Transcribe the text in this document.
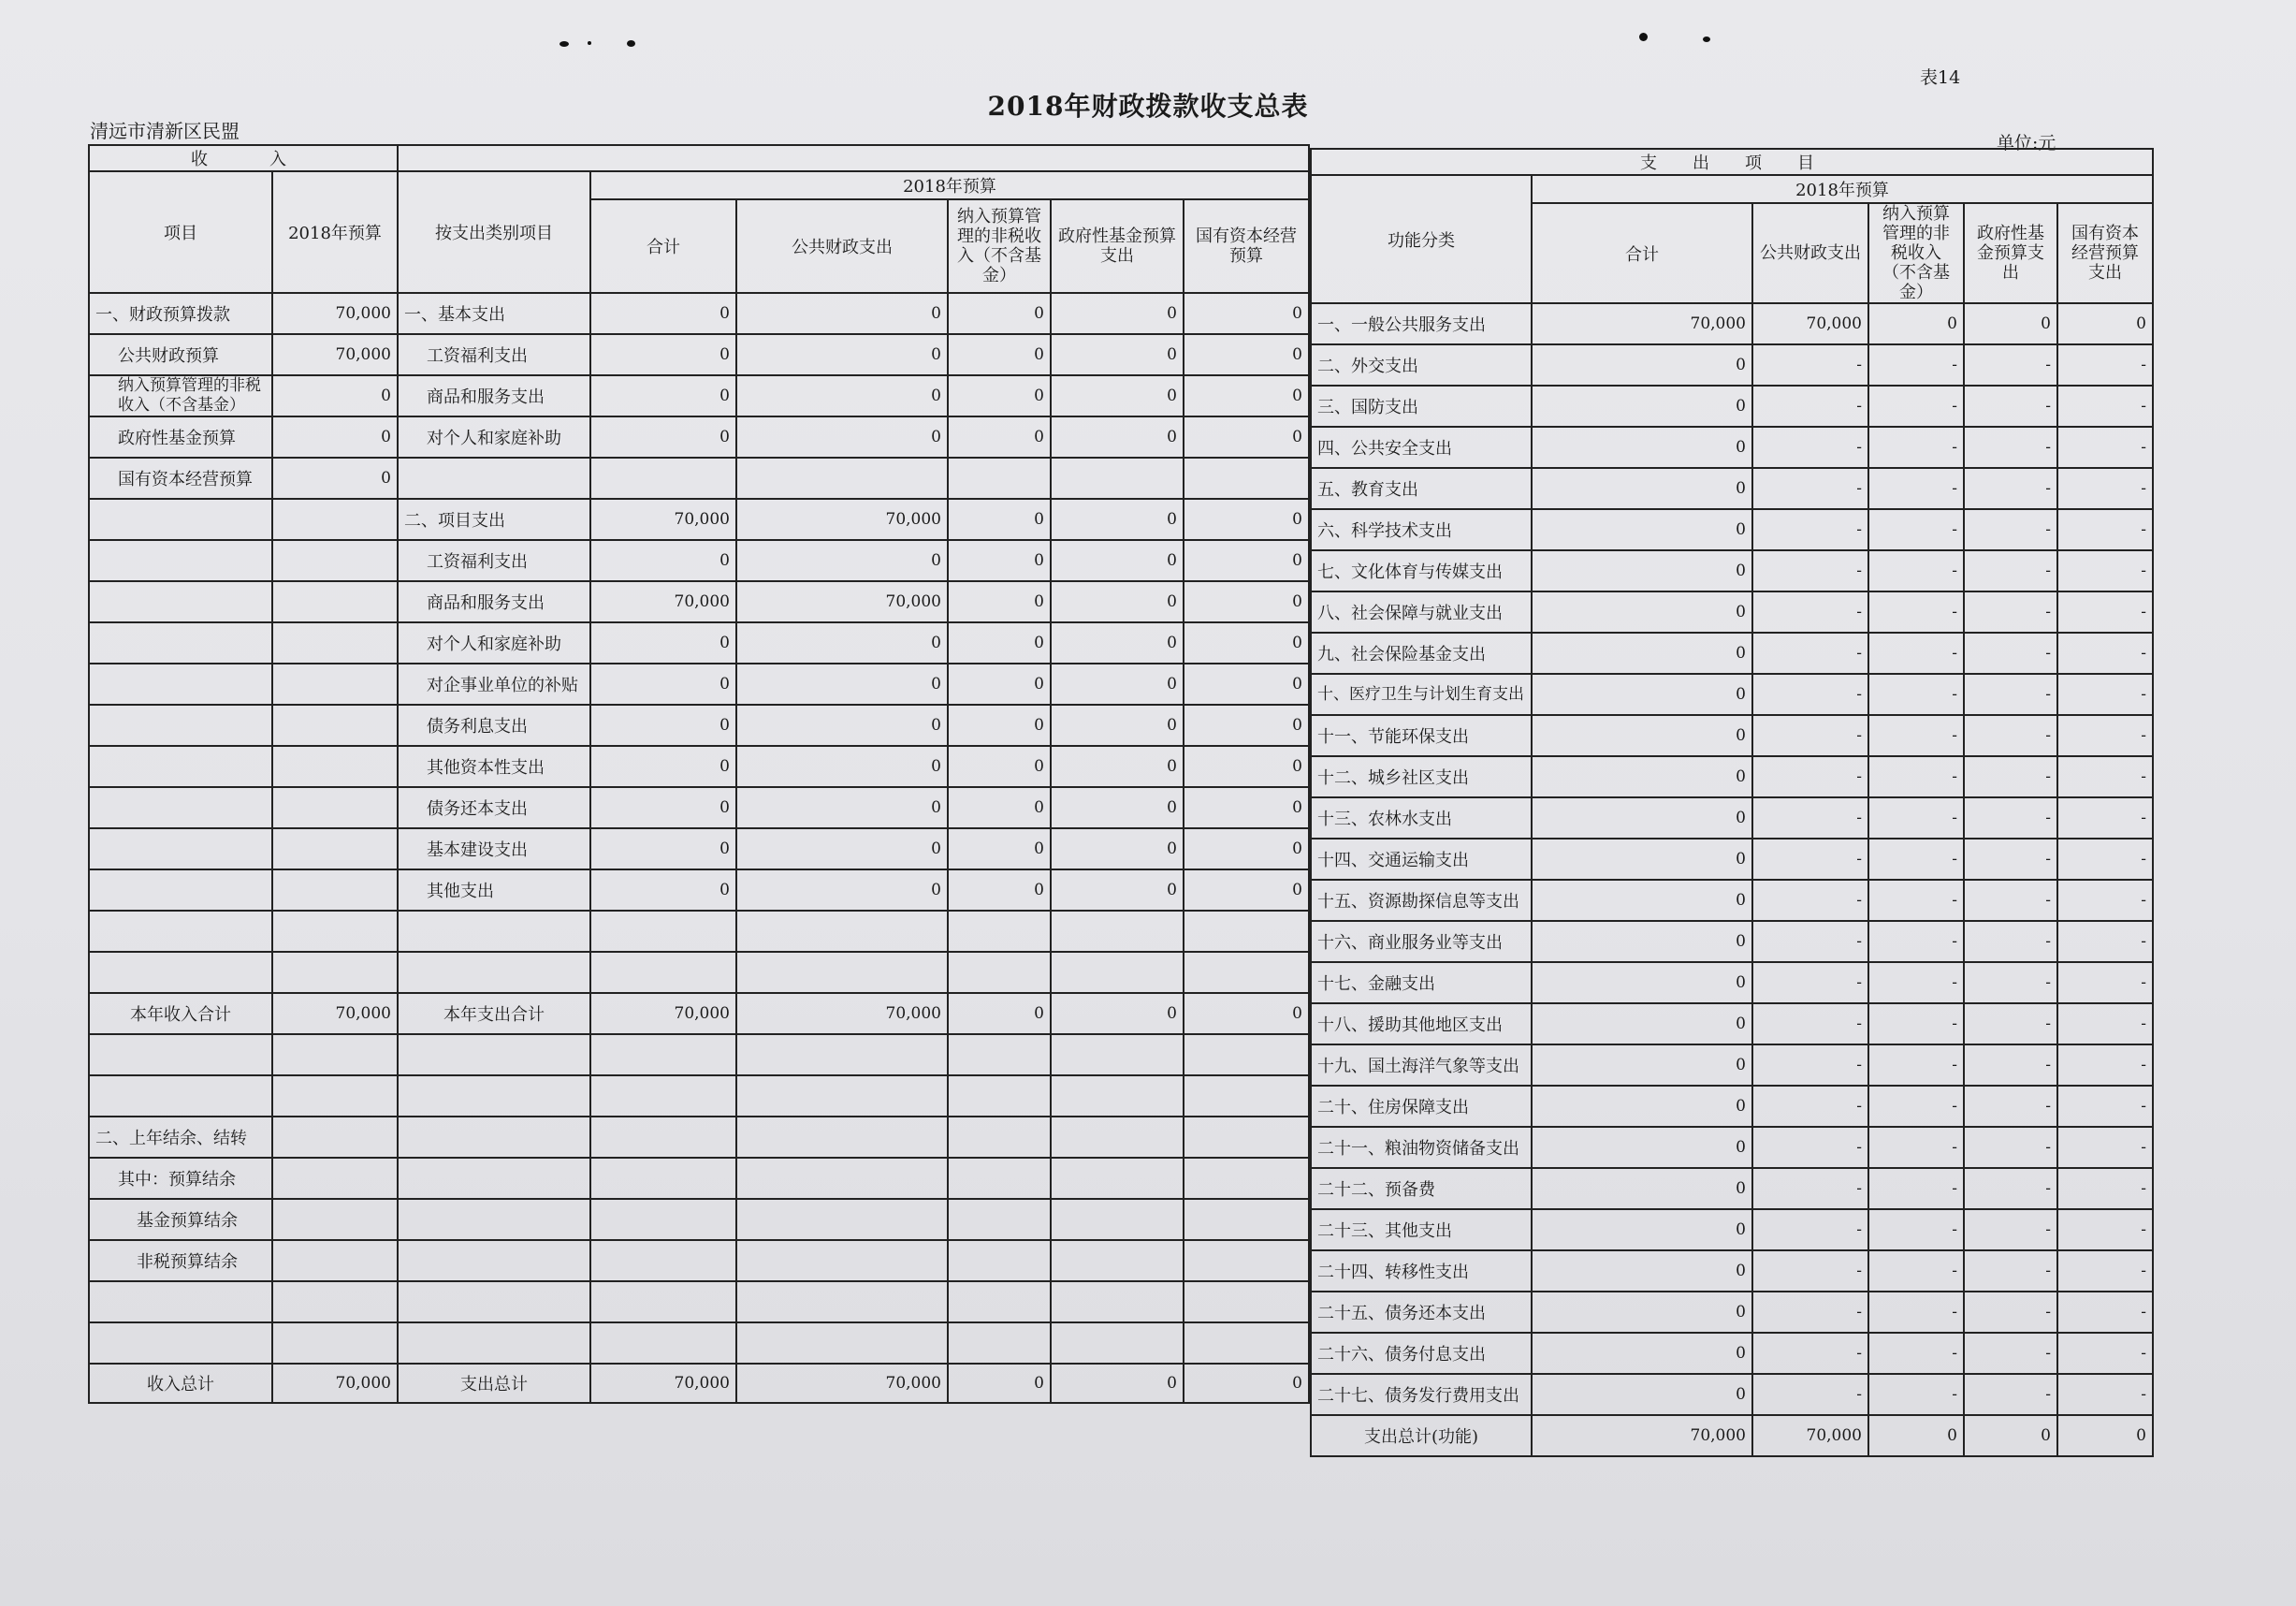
表14
2018年财政拨款收支总表
清远市清新区民盟
单位:元
收　　入							
项目	2018年预算	按支出类别项目	2018年预算				
			合计	公共财政支出	纳入预算管理的非税收入（不含基金）	政府性基金预算支出	国有资本经营预算
一、财政预算拨款	70,000	一、基本支出	0	0	0	0	0
公共财政预算	70,000	工资福利支出	0	0	0	0	0
纳入预算管理的非税收入（不含基金）	0	商品和服务支出	0	0	0	0	0
政府性基金预算	0	对个人和家庭补助	0	0	0	0	0
国有资本经营预算	0						
		二、项目支出	70,000	70,000	0	0	0
		工资福利支出	0	0	0	0	0
		商品和服务支出	70,000	70,000	0	0	0
		对个人和家庭补助	0	0	0	0	0
		对企事业单位的补贴	0	0	0	0	0
		债务利息支出	0	0	0	0	0
		其他资本性支出	0	0	0	0	0
		债务还本支出	0	0	0	0	0
		基本建设支出	0	0	0	0	0
		其他支出	0	0	0	0	0

本年收入合计	70,000	本年支出合计	70,000	70,000	0	0	0

二、上年结余、结转							
其中：预算结余							
基金预算结余							
非税预算结余							

收入总计	70,000	支出总计	70,000	70,000	0	0	0
支　出　项　目					
功能分类	2018年预算				
	合计	公共财政支出	纳入预算管理的非税收入（不含基金）	政府性基金预算支出	国有资本经营预算支出
一、一般公共服务支出	70,000	70,000	0	0	0
二、外交支出	0	-	-	-	-
三、国防支出	0	-	-	-	-
四、公共安全支出	0	-	-	-	-
五、教育支出	0	-	-	-	-
六、科学技术支出	0	-	-	-	-
七、文化体育与传媒支出	0	-	-	-	-
八、社会保障与就业支出	0	-	-	-	-
九、社会保险基金支出	0	-	-	-	-
十、医疗卫生与计划生育支出	0	-	-	-	-
十一、节能环保支出	0	-	-	-	-
十二、城乡社区支出	0	-	-	-	-
十三、农林水支出	0	-	-	-	-
十四、交通运输支出	0	-	-	-	-
十五、资源勘探信息等支出	0	-	-	-	-
十六、商业服务业等支出	0	-	-	-	-
十七、金融支出	0	-	-	-	-
十八、援助其他地区支出	0	-	-	-	-
十九、国土海洋气象等支出	0	-	-	-	-
二十、住房保障支出	0	-	-	-	-
二十一、粮油物资储备支出	0	-	-	-	-
二十二、预备费	0	-	-	-	-
二十三、其他支出	0	-	-	-	-
二十四、转移性支出	0	-	-	-	-
二十五、债务还本支出	0	-	-	-	-
二十六、债务付息支出	0	-	-	-	-
二十七、债务发行费用支出	0	-	-	-	-
支出总计(功能)	70,000	70,000	0	0	0
